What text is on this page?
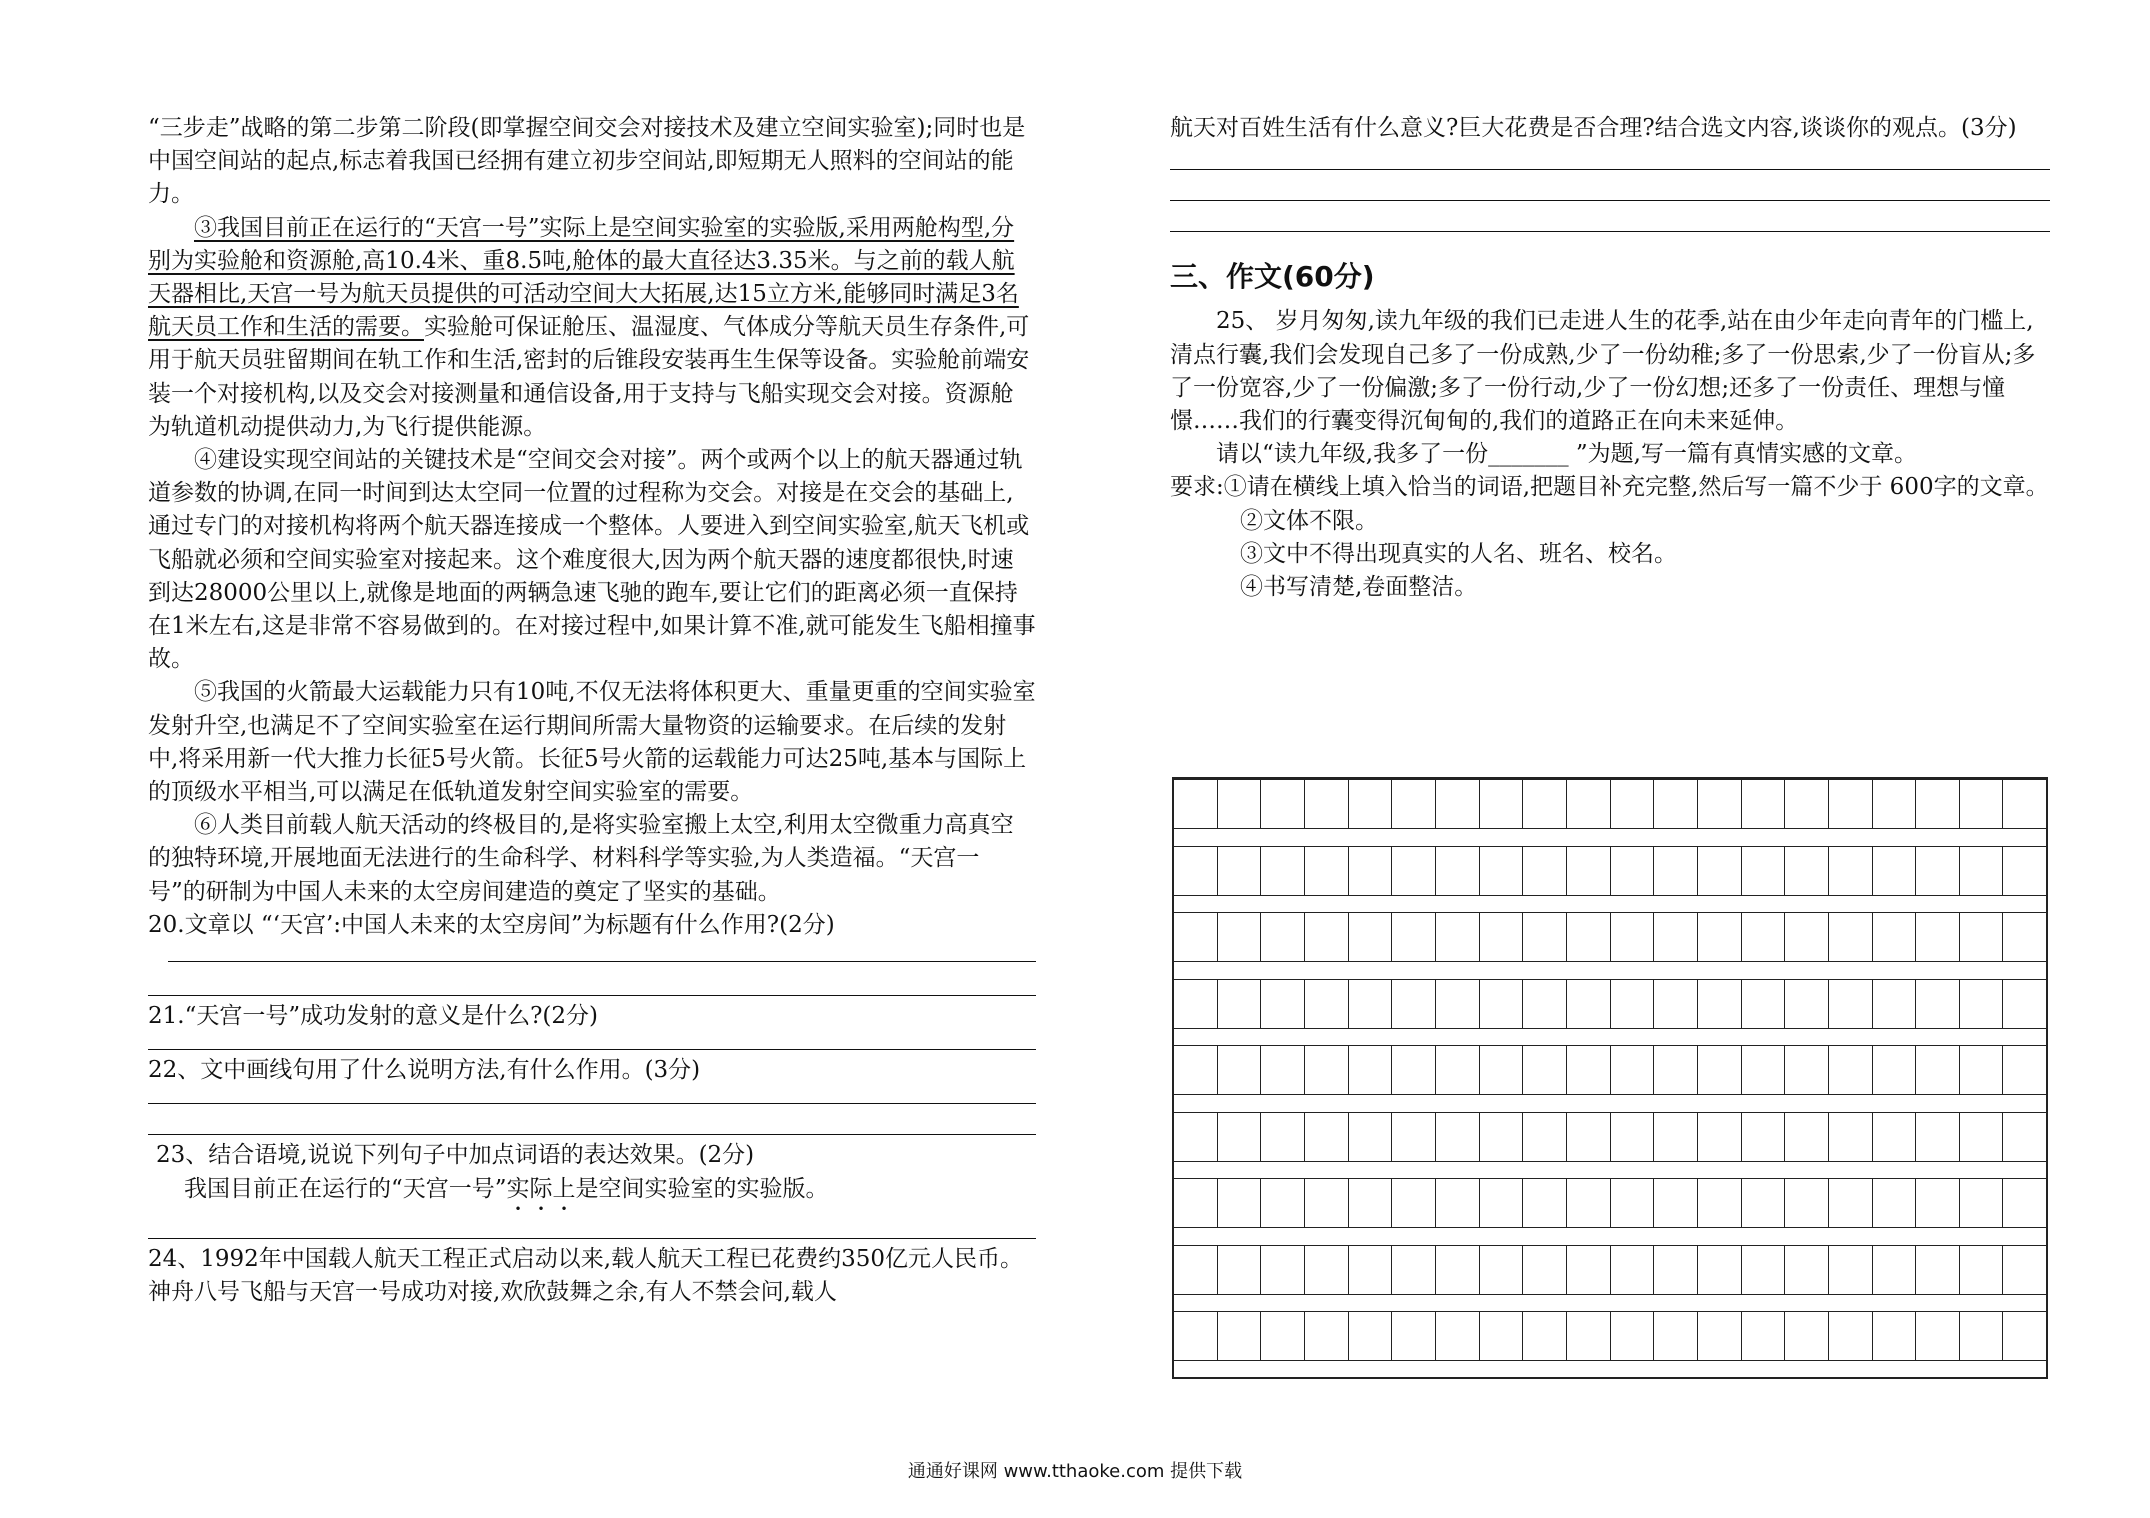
“三步走”战略的第二步第二阶段(即掌握空间交会对接技术及建立空间实验室);同时也是中国空间站的起点,标志着我国已经拥有建立初步空间站,即短期无人照料的空间站的能力。

③我国目前正在运行的“天宫一号”实际上是空间实验室的实验版,采用两舱构型,分别为实验舱和资源舱,高10.4米、重8.5吨,舱体的最大直径达3.35米。与之前的载人航天器相比,天宫一号为航天员提供的可活动空间大大拓展,达15立方米,能够同时满足3名航天员工作和生活的需要。实验舱可保证舱压、温湿度、气体成分等航天员生存条件,可用于航天员驻留期间在轨工作和生活,密封的后锥段安装再生生保等设备。实验舱前端安装一个对接机构,以及交会对接测量和通信设备,用于支持与飞船实现交会对接。资源舱为轨道机动提供动力,为飞行提供能源。

④建设实现空间站的关键技术是“空间交会对接”。两个或两个以上的航天器通过轨道参数的协调,在同一时间到达太空同一位置的过程称为交会。对接是在交会的基础上,通过专门的对接机构将两个航天器连接成一个整体。人要进入到空间实验室,航天飞机或飞船就必须和空间实验室对接起来。这个难度很大,因为两个航天器的速度都很快,时速到达28000公里以上,就像是地面的两辆急速飞驰的跑车,要让它们的距离必须一直保持在1米左右,这是非常不容易做到的。在对接过程中,如果计算不准,就可能发生飞船相撞事故。

⑤我国的火箭最大运载能力只有10吨,不仅无法将体积更大、重量更重的空间实验室发射升空,也满足不了空间实验室在运行期间所需大量物资的运输要求。在后续的发射中,将采用新一代大推力长征5号火箭。长征5号火箭的运载能力可达25吨,基本与国际上的顶级水平相当,可以满足在低轨道发射空间实验室的需要。

⑥人类目前载人航天活动的终极目的,是将实验室搬上太空,利用太空微重力高真空的独特环境,开展地面无法进行的生命科学、材料科学等实验,为人类造福。“天宫一号”的研制为中国人未来的太空房间建造的奠定了坚实的基础。

20.文章以 “‘天宫’:中国人未来的太空房间”为标题有什么作用?(2分)

21.“天宫一号”成功发射的意义是什么?(2分)

22、文中画线句用了什么说明方法,有什么作用。(3分)

23、结合语境,说说下列句子中加点词语的表达效果。(2分)

我国目前正在运行的“天宫一号”实际上是空间实验室的实验版。

24、1992年中国载人航天工程正式启动以来,载人航天工程已花费约350亿元人民币。神舟八号飞船与天宫一号成功对接,欢欣鼓舞之余,有人不禁会问,载人

航天对百姓生活有什么意义?巨大花费是否合理?结合选文内容,谈谈你的观点。(3分)

三、作文(60分)

25、 岁月匆匆,读九年级的我们已走进人生的花季,站在由少年走向青年的门槛上,清点行囊,我们会发现自己多了一份成熟,少了一份幼稚;多了一份思索,少了一份盲从;多了一份宽容,少了一份偏激;多了一份行动,少了一份幻想;还多了一份责任、理想与憧憬……我们的行囊变得沉甸甸的,我们的道路正在向未来延伸。

请以“读九年级,我多了一份_______ ”为题,写一篇有真情实感的文章。

要求:①请在横线上填入恰当的词语,把题目补充完整,然后写一篇不少于 600字的文章。

②文体不限。

③文中不得出现真实的人名、班名、校名。

④书写清楚,卷面整洁。

通通好课网 www.tthaoke.com 提供下载
